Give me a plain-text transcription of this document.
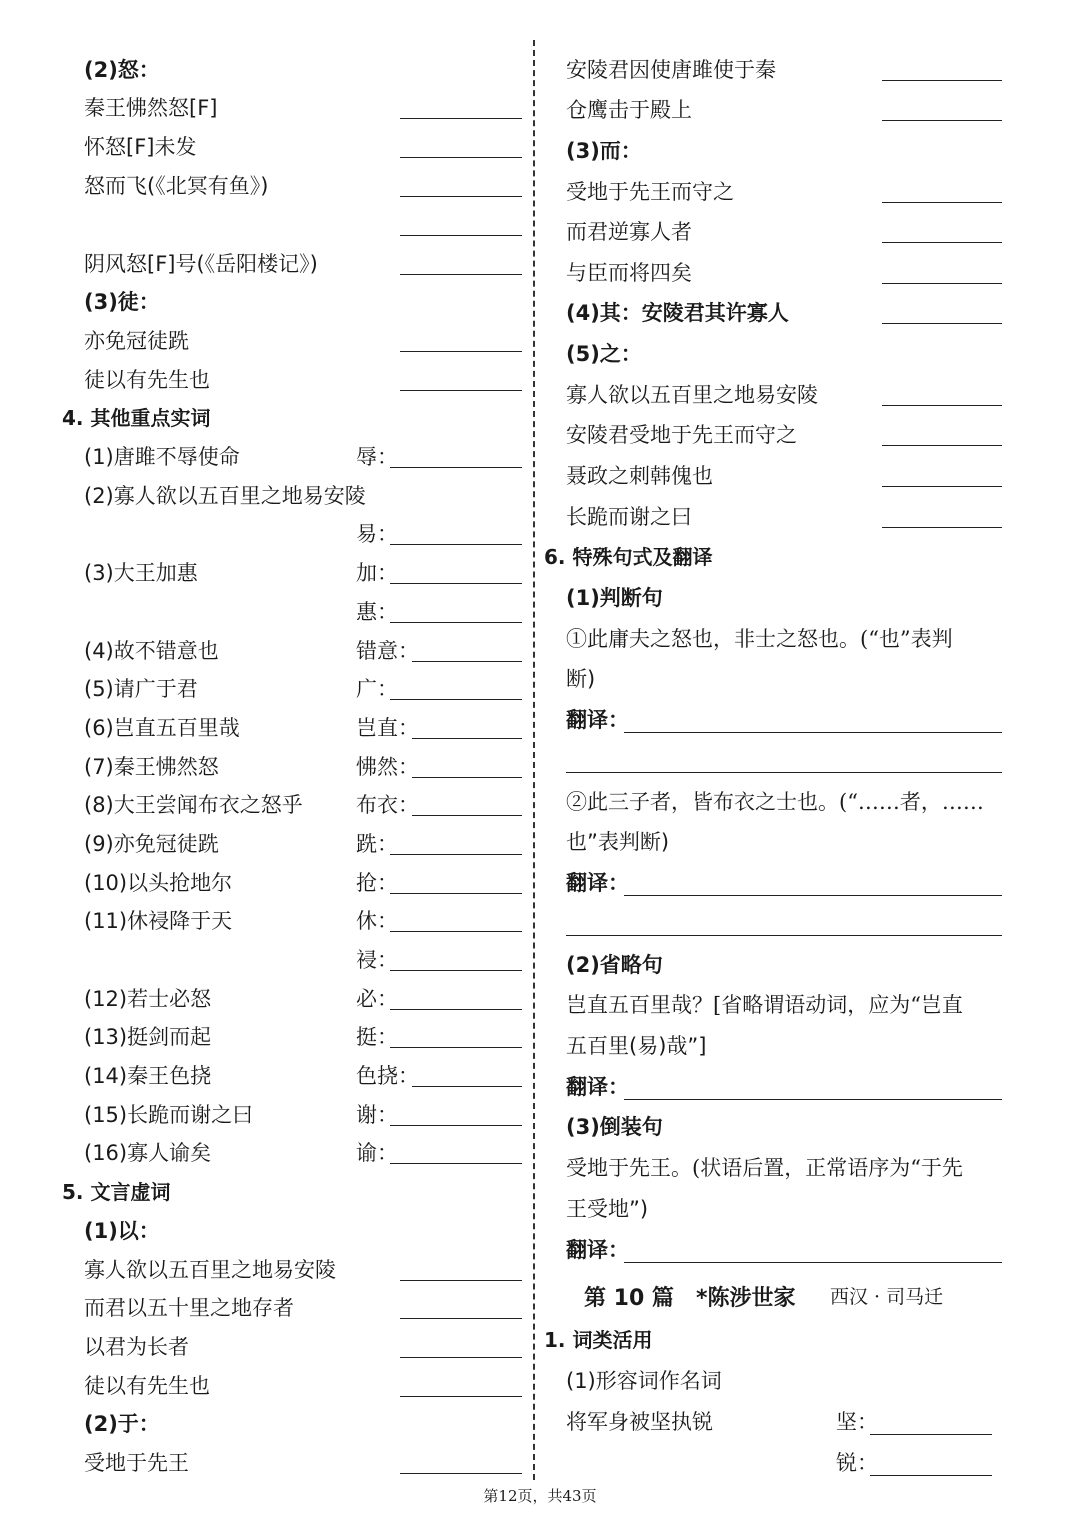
(2)怒：
秦王怫然怒[F]
怀怒[F]未发
怒而飞(《北冥有鱼》)
阴风怒[F]号(《岳阳楼记》)
(3)徒：
亦免冠徒跣
徒以有先生也
4. 其他重点实词
(1)唐雎不辱使命	辱：
(2)寡人欲以五百里之地易安陵
易：
(3)大王加惠	加：
惠：
(4)故不错意也	错意：
(5)请广于君	广：
(6)岂直五百里哉	岂直：
(7)秦王怫然怒	怫然：
(8)大王尝闻布衣之怒乎	布衣：
(9)亦免冠徒跣	跣：
(10)以头抢地尔	抢：
(11)休祲降于天	休：
祲：
(12)若士必怒	必：
(13)挺剑而起	挺：
(14)秦王色挠	色挠：
(15)长跪而谢之曰	谢：
(16)寡人谕矣	谕：
5. 文言虚词
(1)以：
寡人欲以五百里之地易安陵
而君以五十里之地存者
以君为长者
徒以有先生也
(2)于：
受地于先王
安陵君因使唐雎使于秦
仓鹰击于殿上
(3)而：
受地于先王而守之
而君逆寡人者
与臣而将四矣
(4)其：安陵君其许寡人
(5)之：
寡人欲以五百里之地易安陵
安陵君受地于先王而守之
聂政之刺韩傀也
长跪而谢之曰
6. 特殊句式及翻译
(1)判断句
①此庸夫之怒也，非士之怒也。(“也”表判
断)
翻译：
②此三子者，皆布衣之士也。(“……者，……
也”表判断)
翻译：
(2)省略句
岂直五百里哉？[省略谓语动词，应为“岂直
五百里(易)哉”]
翻译：
(3)倒装句
受地于先王。(状语后置，正常语序为“于先
王受地”)
翻译：
第 10 篇 *陈涉世家 西汉 · 司马迁
1. 词类活用
(1)形容词作名词
将军身被坚执锐	坚：
锐：
第12页，共43页
